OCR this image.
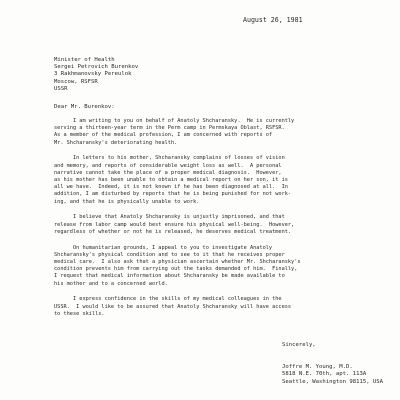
August 26, 1981
Minister of Health
Sergei Petrovich Burenkov
3 Rakhmanovsky Pereulok
Moscow, RSFSR
USSR
Dear Mr. Burenkov:
I am writing to you on behalf of Anatoly Shcharansky.  He is currently
serving a thirteen-year term in the Perm camp in Permskaya Oblast, RSFSR.
As a member of the medical profession, I am concerned with reports of
Mr. Shcharansky's deteriorating health.
In letters to his mother, Shcharansky complains of losses of vision
and memory, and reports of considerable weight loss as well.  A personal
narrative cannot take the place of a proper medical diagnosis.  However,
as his mother has been unable to obtain a medical report on her son, it is
all we have.  Indeed, it is not known if he has been diagnosed at all.  In
addition, I am disturbed by reports that he is being punished for not work-
ing, and that he is physically unable to work.
I believe that Anatoly Shcharansky is unjustly imprisoned, and that
release from labor camp would best ensure his physical well-being.  However,
regardless of whether or not he is released, he deserves medical treatment.
On humanitarian grounds, I appeal to you to investigate Anatoly
Shcharansky's physical condition and to see to it that he receives proper
medical care.  I also ask that a physician ascertain whether Mr. Shcharansky's
condition prevents him from carrying out the tasks demanded of him.  Finally,
I request that medical information about Shcharansky be made available to
his mother and to a concerned world.
I express confidence in the skills of my medical colleagues in the
USSR.  I would like to be assured that Anatoly Shcharansky will have access
to these skills.
Sincerely,
Joffre M. Young, M.D.
5818 N.E. 70th, apt. 113A
Seattle, Washington 98115, USA
